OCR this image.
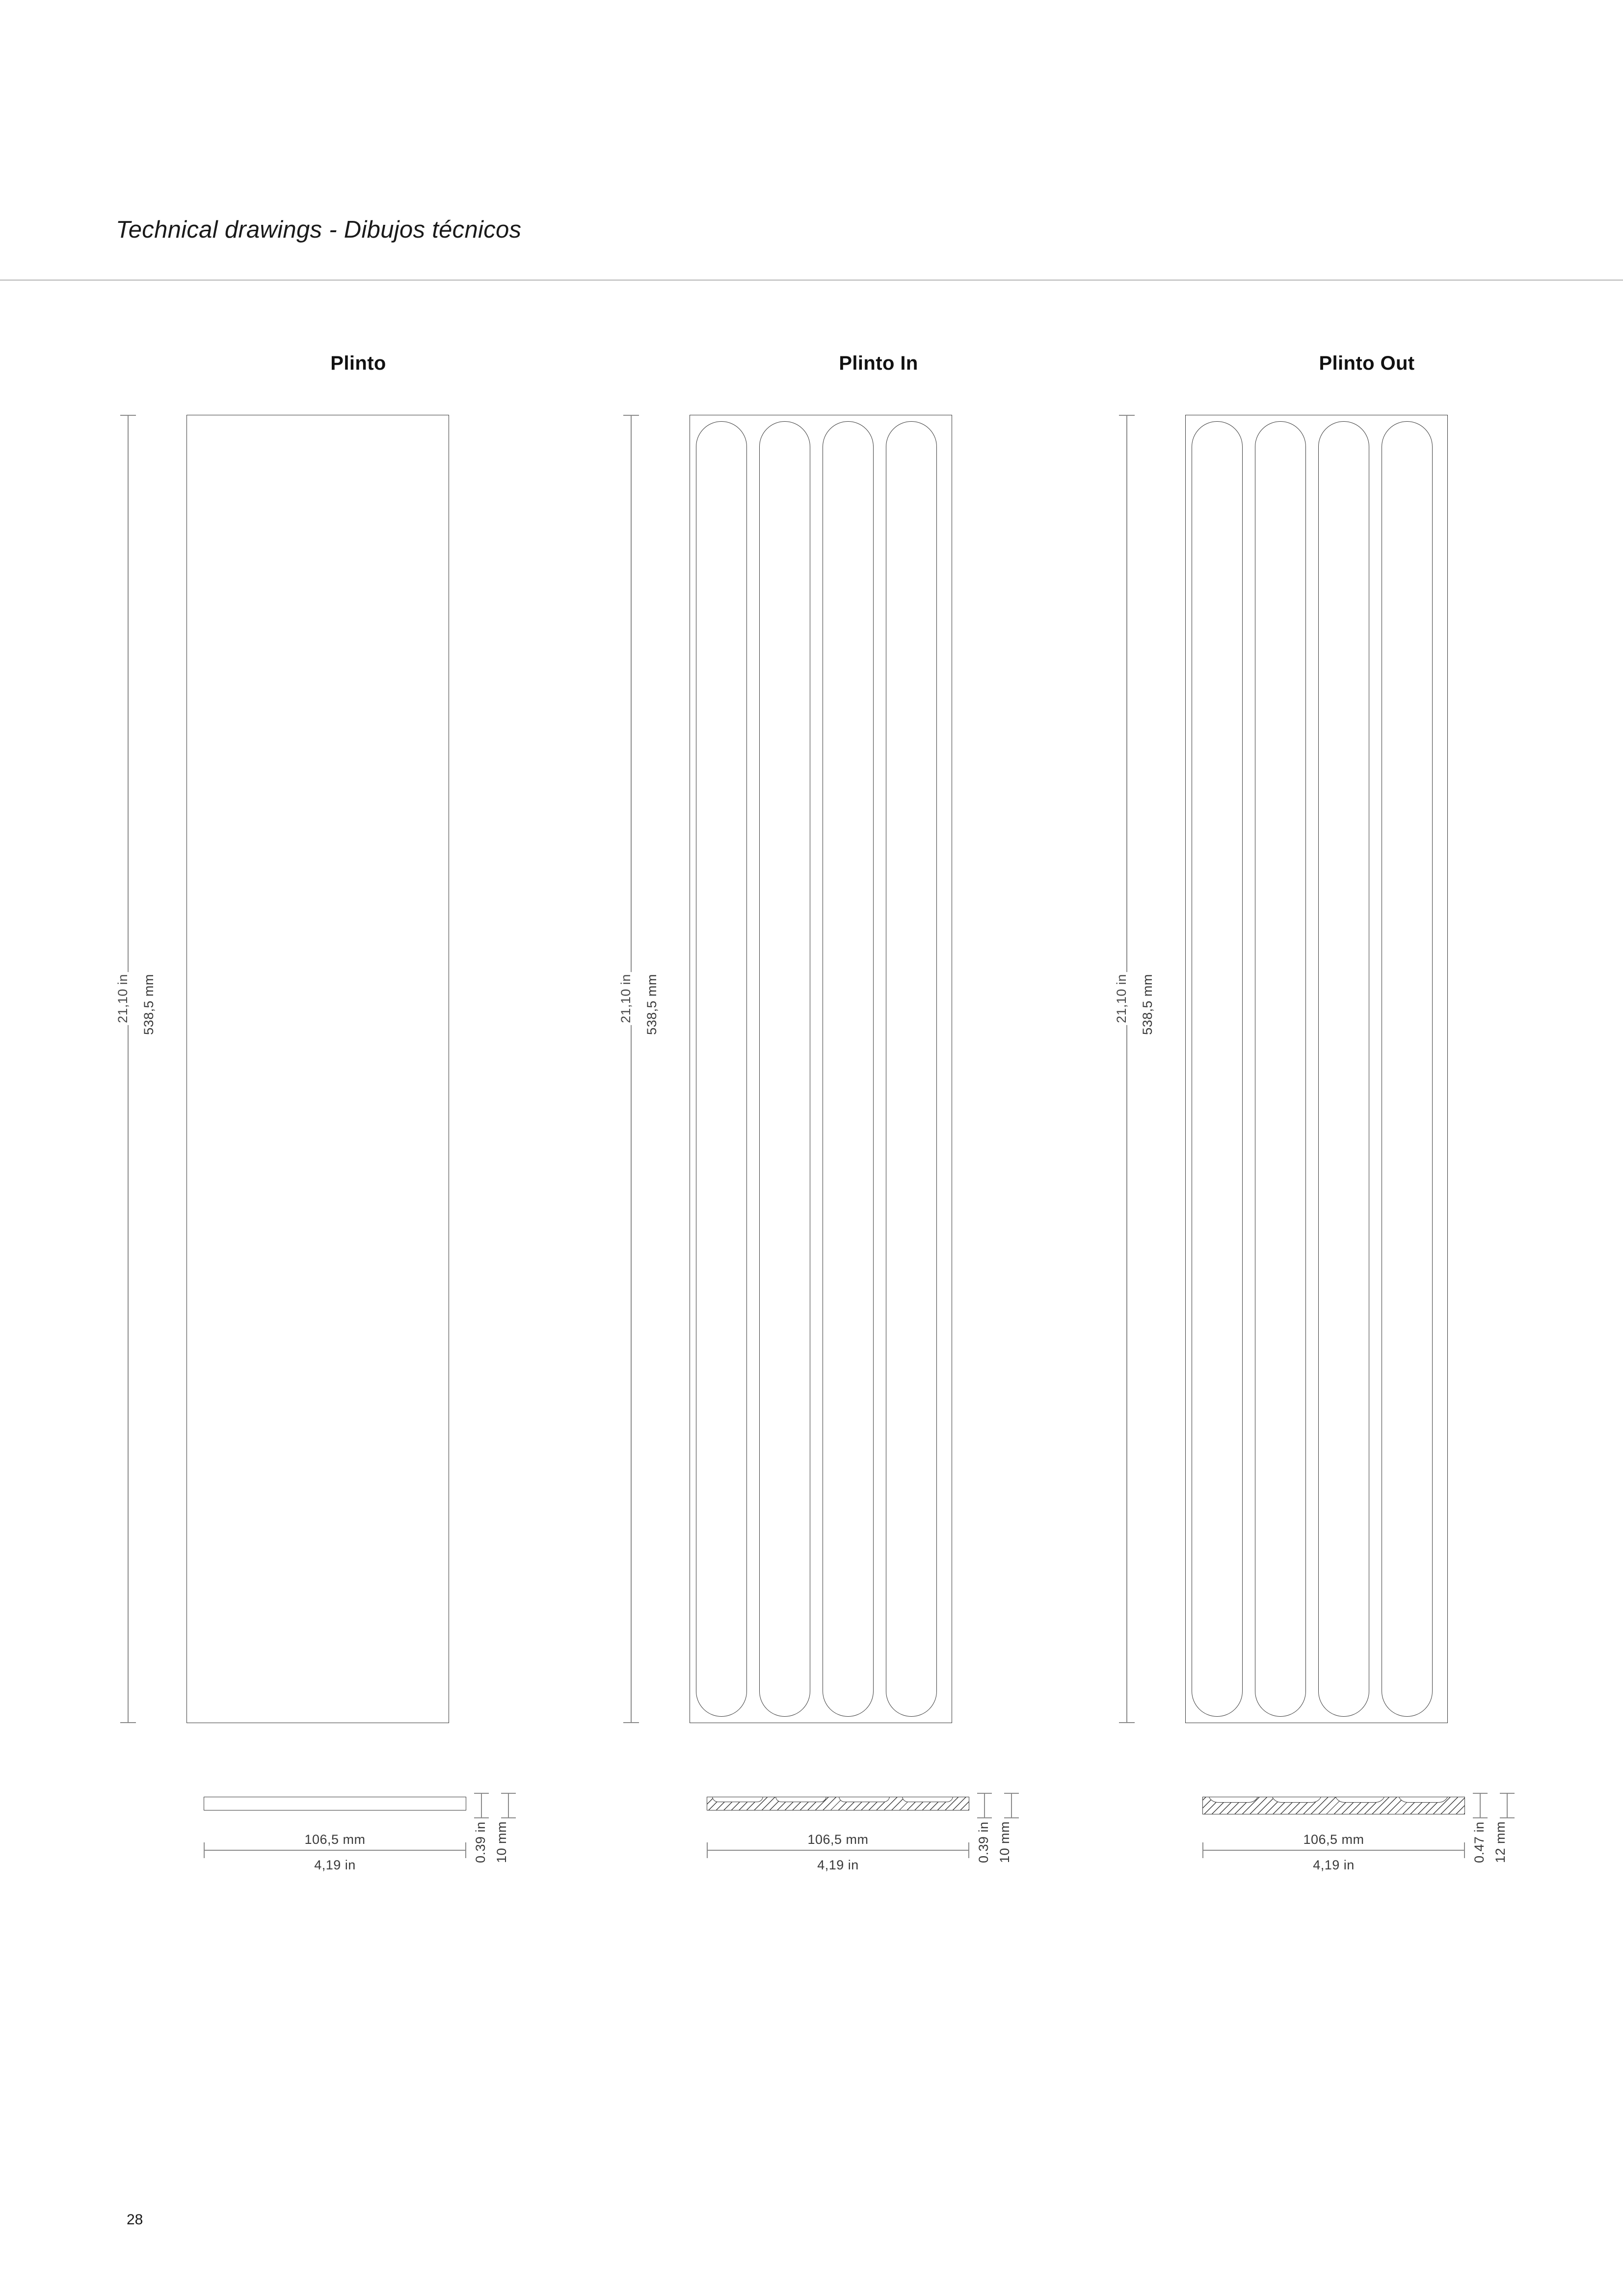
Technical drawings - Dibujos técnicos
Plinto
21,10 in 538,5 mm
106,5 mm
4,19 in
0.39 in 10 mm
Plinto In
21,10 in 538,5 mm
106,5 mm
4,19 in
0.39 in 10 mm
Plinto Out
21,10 in 538,5 mm
106,5 mm
4,19 in
0.47 in 12 mm
28
